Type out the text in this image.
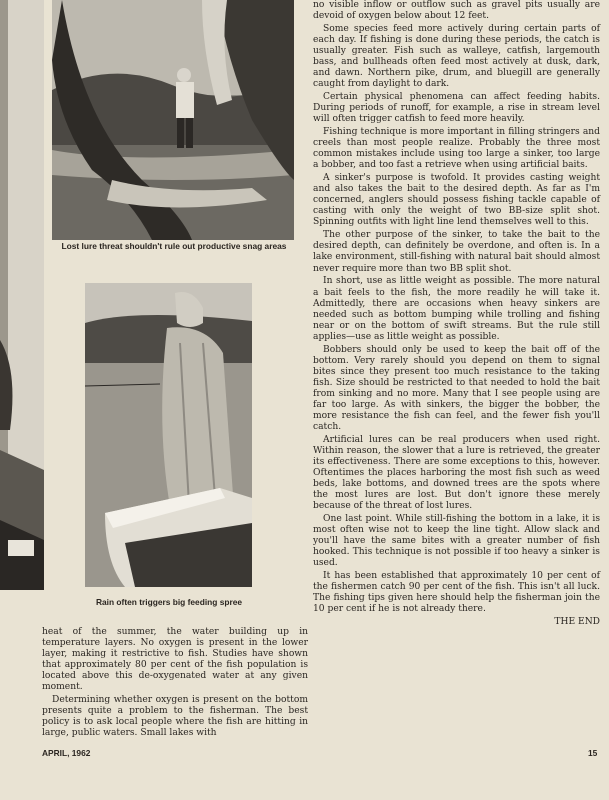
Lost lure threat shouldn't rule out productive snag areas
Rain often triggers big feeding spree

no visible inflow or outflow such as gravel pits usually are devoid of oxygen below about 12 feet.

Some species feed more actively during certain parts of each day. If fishing is done during these periods, the catch is usually greater. Fish such as walleye, catfish, largemouth bass, and bullheads often feed most actively at dusk, dark, and dawn. Northern pike, drum, and bluegill are generally caught from daylight to dark.

Certain physical phenomena can affect feeding habits. During periods of runoff, for example, a rise in stream level will often trigger catfish to feed more heavily.

Fishing technique is more important in filling stringers and creels than most people realize. Probably the three most common mistakes include using too large a sinker, too large a bobber, and too fast a retrieve when using artificial baits.

A sinker's purpose is twofold. It provides casting weight and also takes the bait to the desired depth. As far as I'm concerned, anglers should possess fishing tackle capable of casting with only the weight of two BB-size split shot. Spinning outfits with light line lend themselves well to this.

The other purpose of the sinker, to take the bait to the desired depth, can definitely be overdone, and often is. In a lake environment, still-fishing with natural bait should almost never require more than two BB split shot.

In short, use as little weight as possible. The more natural a bait feels to the fish, the more readily he will take it. Admittedly, there are occasions when heavy sinkers are needed such as bottom bumping while trolling and fishing near or on the bottom of swift streams. But the rule still applies—use as little weight as possible.

Bobbers should only be used to keep the bait off of the bottom. Very rarely should you depend on them to signal bites since they present too much resistance to the taking fish. Size should be restricted to that needed to hold the bait from sinking and no more. Many that I see people using are far too large. As with sinkers, the bigger the bobber, the more resistance the fish can feel, and the fewer fish you'll catch.

Artificial lures can be real producers when used right. Within reason, the slower that a lure is retrieved, the greater its effectiveness. There are some exceptions to this, however. Oftentimes the places harboring the most fish such as weed beds, lake bottoms, and downed trees are the spots where the most lures are lost. But don't ignore these merely because of the threat of lost lures.

One last point. While still-fishing the bottom in a lake, it is most often wise not to keep the line tight. Allow slack and you'll have the same bites with a greater number of fish hooked. This technique is not possible if too heavy a sinker is used.

It has been established that approximately 10 per cent of the fishermen catch 90 per cent of the fish. This isn't all luck. The fishing tips given here should help the fisherman join the 10 per cent if he is not already there.

THE END

heat of the summer, the water building up in temperature layers. No oxygen is present in the lower layer, making it restrictive to fish. Studies have shown that approximately 80 per cent of the fish population is located above this de-oxygenated water at any given moment.

Determining whether oxygen is present on the bottom presents quite a problem to the fisherman. The best policy is to ask local people where the fish are hitting in large, public waters. Small lakes with

APRIL, 1962	15
